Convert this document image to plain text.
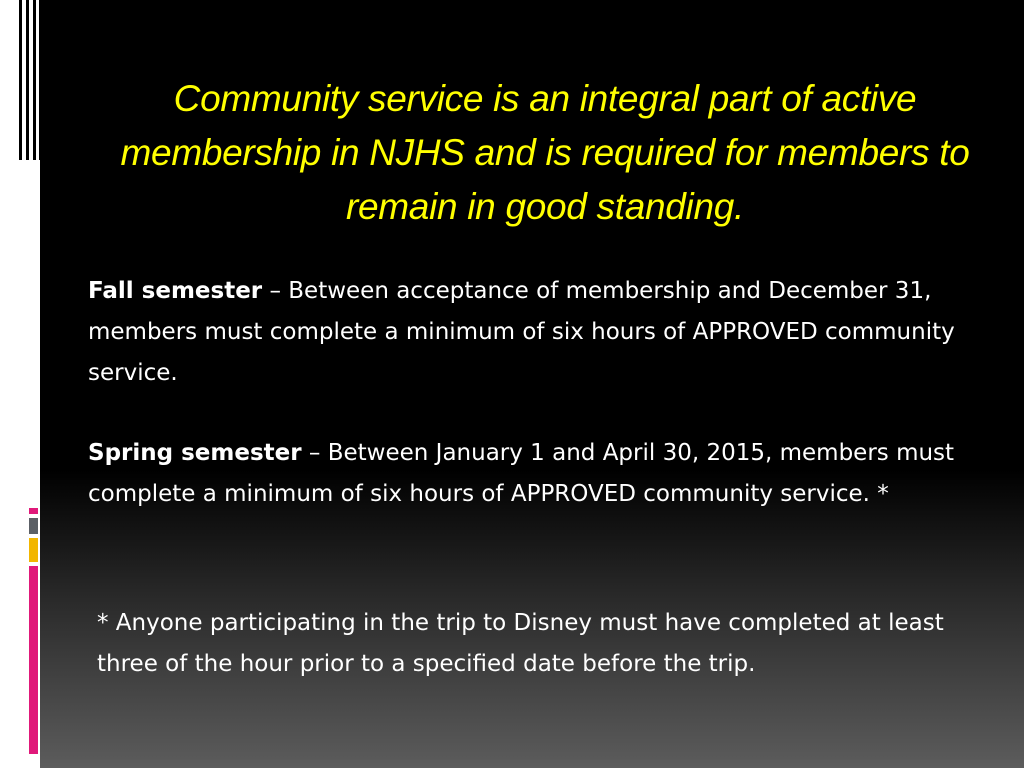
Community service is an integral part of active membership in NJHS and is required for members to remain in good standing.

Fall semester – Between acceptance of membership and December 31, members must complete a minimum of six hours of APPROVED community service.

Spring semester – Between January 1 and April 30, 2015, members must complete a minimum of six hours of APPROVED community service. *

* Anyone participating in the trip to Disney must have completed at least three of the hour prior to a specified date before the trip.
